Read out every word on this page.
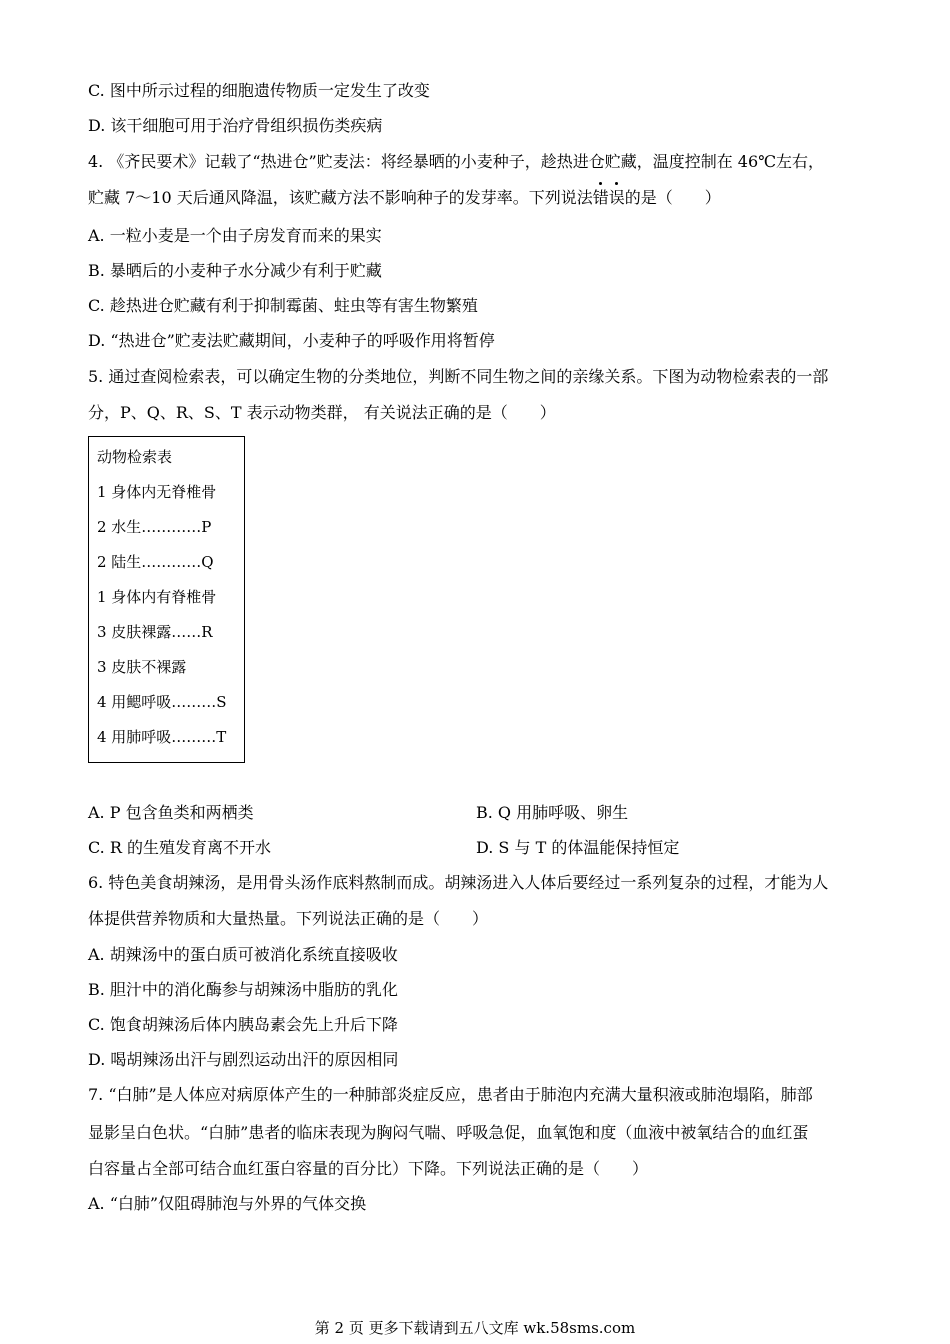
C. 图中所示过程的细胞遗传物质一定发生了改变
D. 该干细胞可用于治疗骨组织损伤类疾病
4. 《齐民要术》记载了“热进仓”贮麦法：将经暴晒的小麦种子，趁热进仓贮藏，温度控制在 46℃左右，
贮藏 7～10 天后通风降温，该贮藏方法不影响种子的发芽率。下列说法错误的是（　　）
A. 一粒小麦是一个由子房发育而来的果实
B. 暴晒后的小麦种子水分减少有利于贮藏
C. 趁热进仓贮藏有利于抑制霉菌、蛀虫等有害生物繁殖
D. “热进仓”贮麦法贮藏期间，小麦种子的呼吸作用将暂停
5. 通过查阅检索表，可以确定生物的分类地位，判断不同生物之间的亲缘关系。下图为动物检索表的一部
分，P、Q、R、S、T 表示动物类群， 有关说法正确的是（　　）
动物检索表
1 身体内无脊椎骨
2 水生…………P
2 陆生…………Q
1 身体内有脊椎骨
3 皮肤裸露……R
3 皮肤不裸露
4 用鳃呼吸………S
4 用肺呼吸………T
A. P 包含鱼类和两栖类	B. Q 用肺呼吸、卵生
C. R 的生殖发育离不开水	D. S 与 T 的体温能保持恒定
6. 特色美食胡辣汤，是用骨头汤作底料熬制而成。胡辣汤进入人体后要经过一系列复杂的过程，才能为人
体提供营养物质和大量热量。下列说法正确的是（　　）
A. 胡辣汤中的蛋白质可被消化系统直接吸收
B. 胆汁中的消化酶参与胡辣汤中脂肪的乳化
C. 饱食胡辣汤后体内胰岛素会先上升后下降
D. 喝胡辣汤出汗与剧烈运动出汗的原因相同
7. “白肺”是人体应对病原体产生的一种肺部炎症反应，患者由于肺泡内充满大量积液或肺泡塌陷，肺部
显影呈白色状。“白肺”患者的临床表现为胸闷气喘、呼吸急促，血氧饱和度（血液中被氧结合的血红蛋
白容量占全部可结合血红蛋白容量的百分比）下降。下列说法正确的是（　　）
A. “白肺”仅阻碍肺泡与外界的气体交换
第 2 页 更多下载请到五八文库 wk.58sms.com
